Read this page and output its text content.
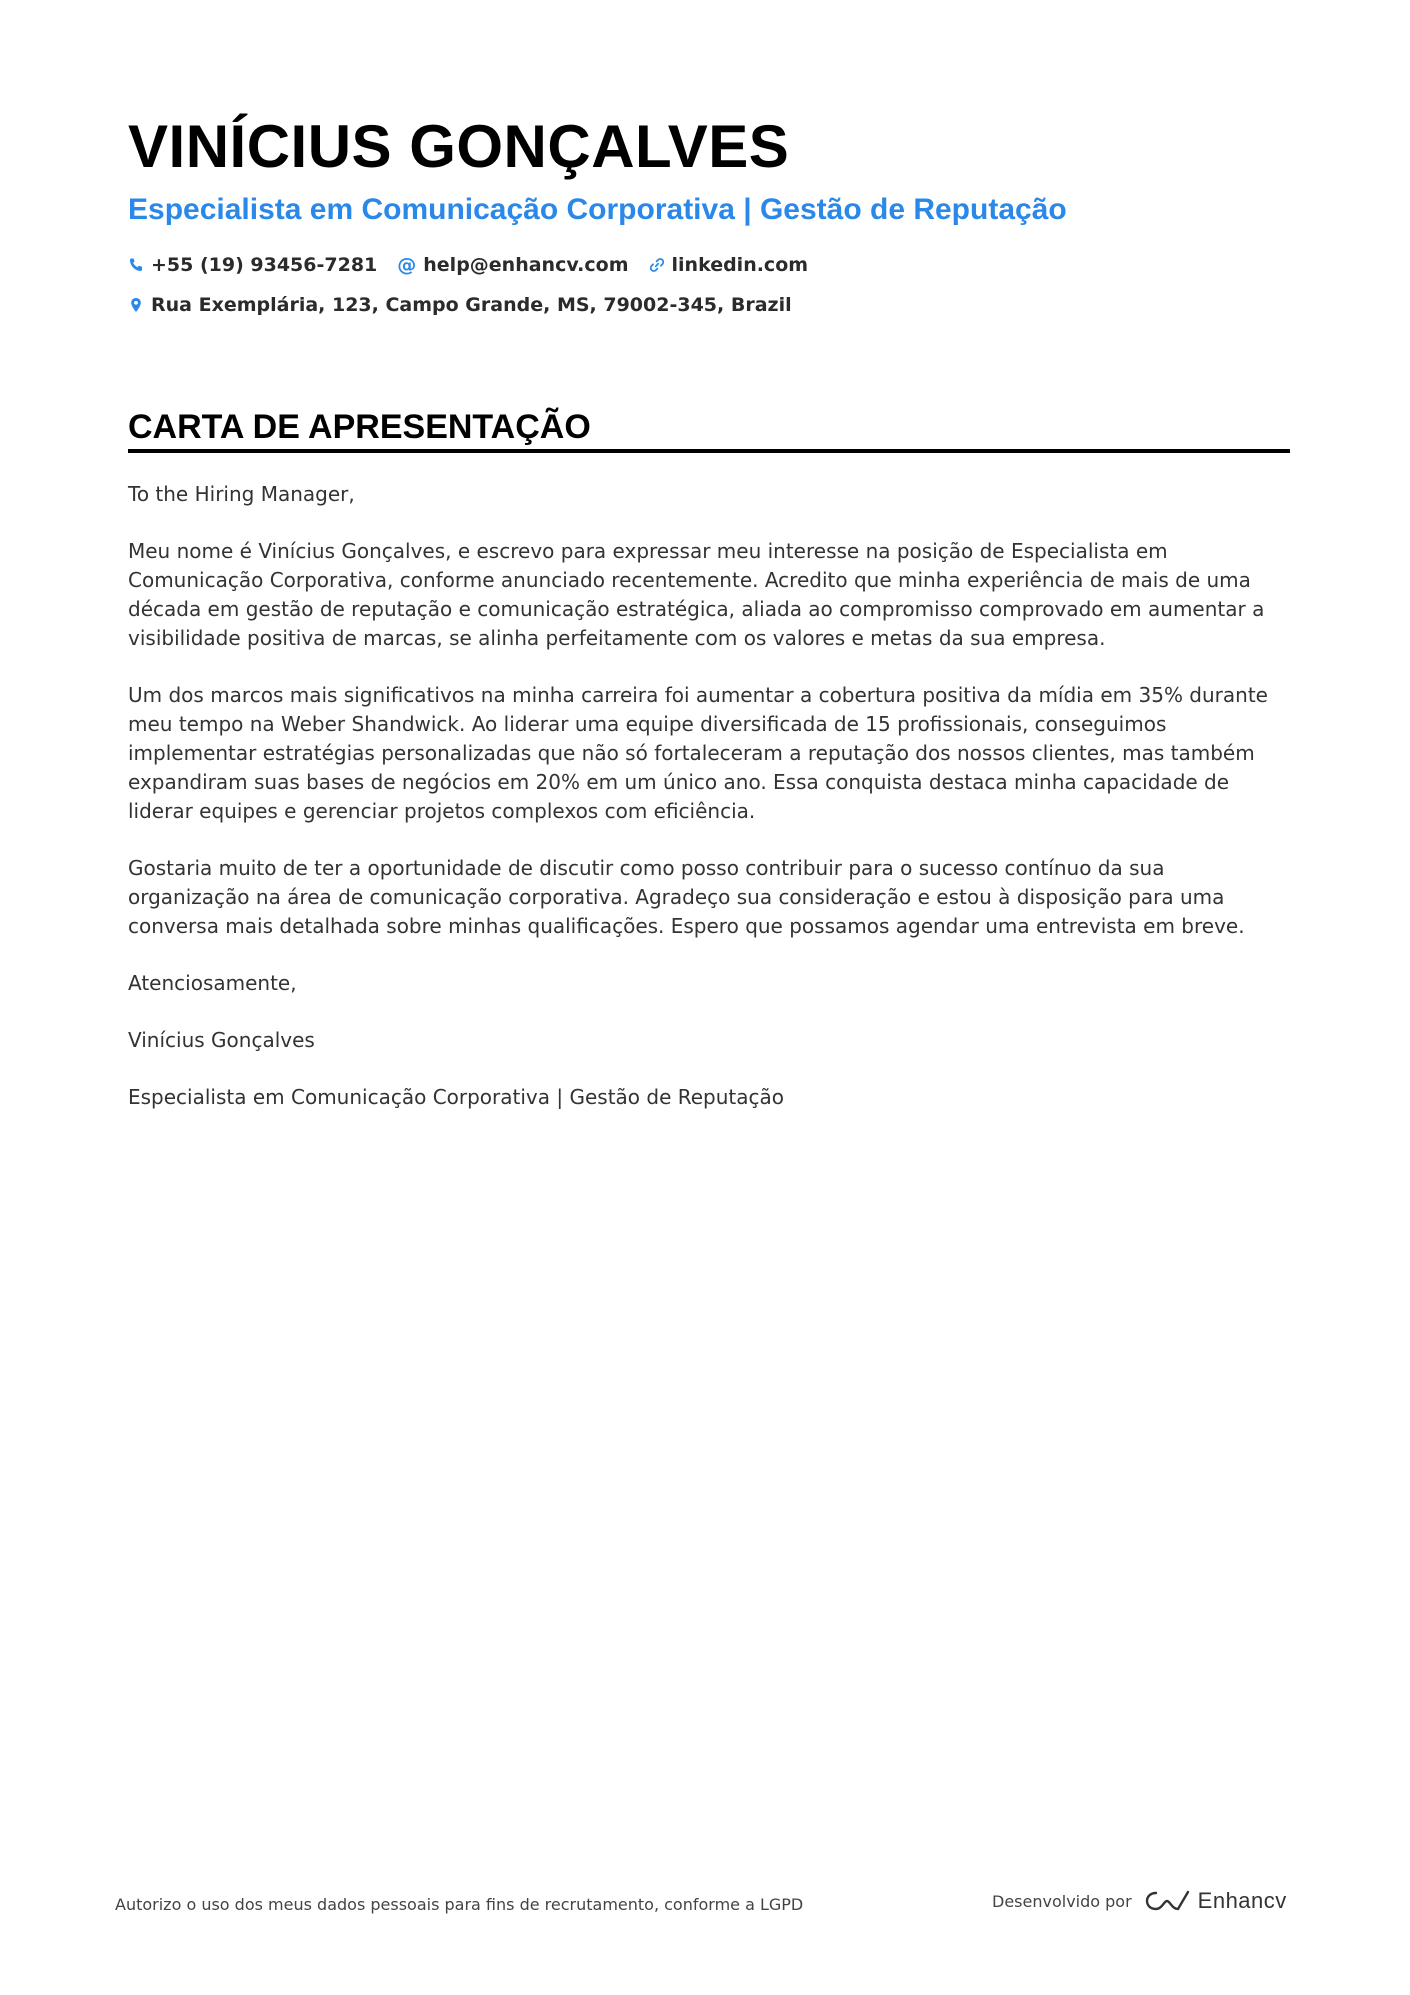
VINÍCIUS GONÇALVES
Especialista em Comunicação Corporativa | Gestão de Reputação
+55 (19) 93456-7281 @ help@enhancv.com linkedin.com
Rua Exemplária, 123, Campo Grande, MS, 79002-345, Brazil
CARTA DE APRESENTAÇÃO

To the Hiring Manager,

Meu nome é Vinícius Gonçalves, e escrevo para expressar meu interesse na posição de Especialista em Comunicação Corporativa, conforme anunciado recentemente. Acredito que minha experiência de mais de uma década em gestão de reputação e comunicação estratégica, aliada ao compromisso comprovado em aumentar a visibilidade positiva de marcas, se alinha perfeitamente com os valores e metas da sua empresa.

Um dos marcos mais significativos na minha carreira foi aumentar a cobertura positiva da mídia em 35% durante meu tempo na Weber Shandwick. Ao liderar uma equipe diversificada de 15 profissionais, conseguimos implementar estratégias personalizadas que não só fortaleceram a reputação dos nossos clientes, mas também expandiram suas bases de negócios em 20% em um único ano. Essa conquista destaca minha capacidade de liderar equipes e gerenciar projetos complexos com eficiência.

Gostaria muito de ter a oportunidade de discutir como posso contribuir para o sucesso contínuo da sua organização na área de comunicação corporativa. Agradeço sua consideração e estou à disposição para uma conversa mais detalhada sobre minhas qualificações. Espero que possamos agendar uma entrevista em breve.

Atenciosamente,

Vinícius Gonçalves

Especialista em Comunicação Corporativa | Gestão de Reputação

Autorizo o uso dos meus dados pessoais para fins de recrutamento, conforme a LGPD	Desenvolvido por	Enhancv
